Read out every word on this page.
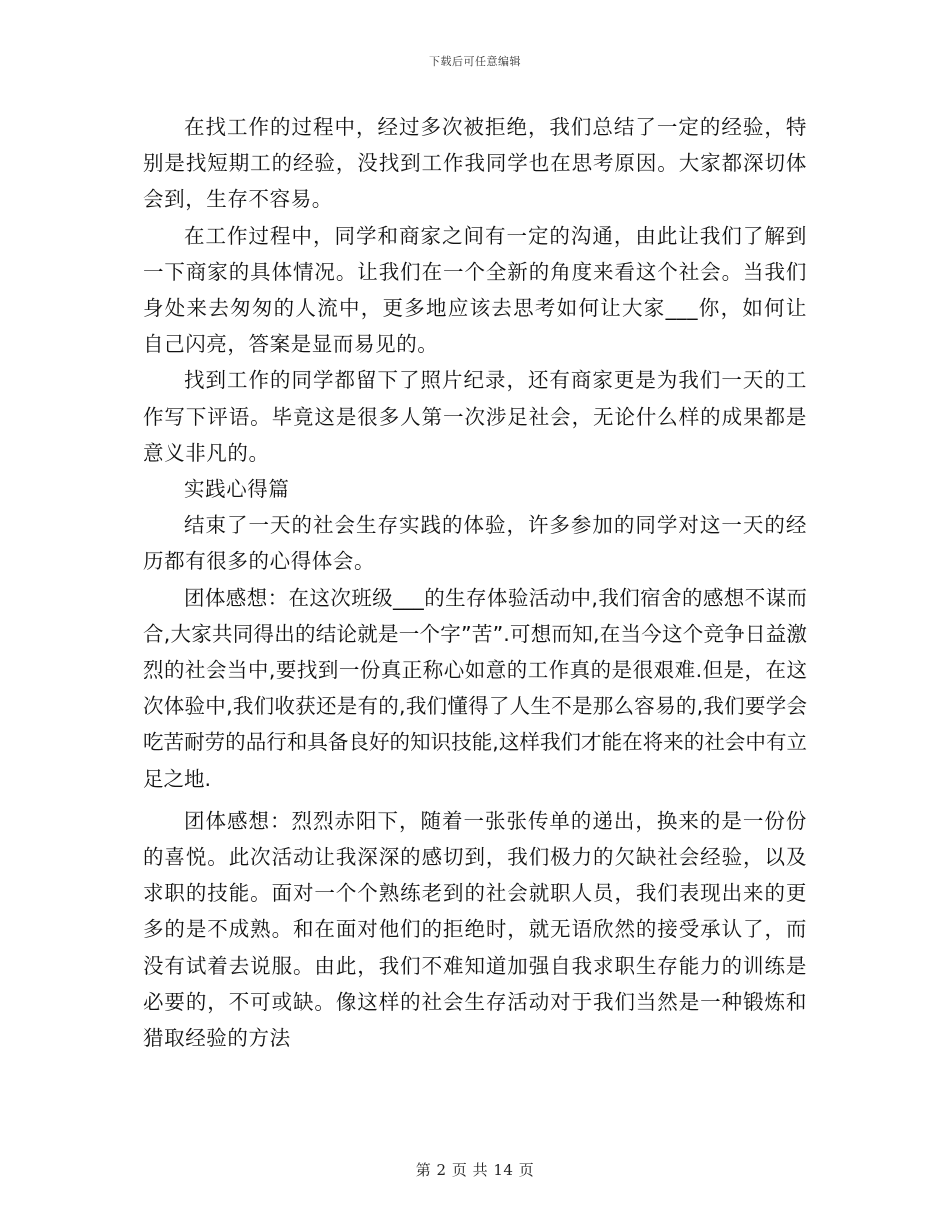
下载后可任意编辑

在找工作的过程中，经过多次被拒绝，我们总结了一定的经验，特别是找短期工的经验，没找到工作我同学也在思考原因。大家都深切体会到，生存不容易。

在工作过程中，同学和商家之间有一定的沟通，由此让我们了解到一下商家的具体情况。让我们在一个全新的角度来看这个社会。当我们身处来去匆匆的人流中，更多地应该去思考如何让大家___你，如何让自己闪亮，答案是显而易见的。

找到工作的同学都留下了照片纪录，还有商家更是为我们一天的工作写下评语。毕竟这是很多人第一次涉足社会，无论什么样的成果都是意义非凡的。

实践心得篇

结束了一天的社会生存实践的体验，许多参加的同学对这一天的经历都有很多的心得体会。

团体感想：在这次班级___的生存体验活动中,我们宿舍的感想不谋而合,大家共同得出的结论就是一个字”苦”.可想而知,在当今这个竞争日益激烈的社会当中,要找到一份真正称心如意的工作真的是很艰难.但是，在这次体验中,我们收获还是有的,我们懂得了人生不是那么容易的,我们要学会吃苦耐劳的品行和具备良好的知识技能,这样我们才能在将来的社会中有立足之地.

团体感想：烈烈赤阳下，随着一张张传单的递出，换来的是一份份的喜悦。此次活动让我深深的感切到，我们极力的欠缺社会经验，以及求职的技能。面对一个个熟练老到的社会就职人员，我们表现出来的更多的是不成熟。和在面对他们的拒绝时，就无语欣然的接受承认了，而没有试着去说服。由此，我们不难知道加强自我求职生存能力的训练是必要的，不可或缺。像这样的社会生存活动对于我们当然是一种锻炼和猎取经验的方法

第 2 页 共 14 页
